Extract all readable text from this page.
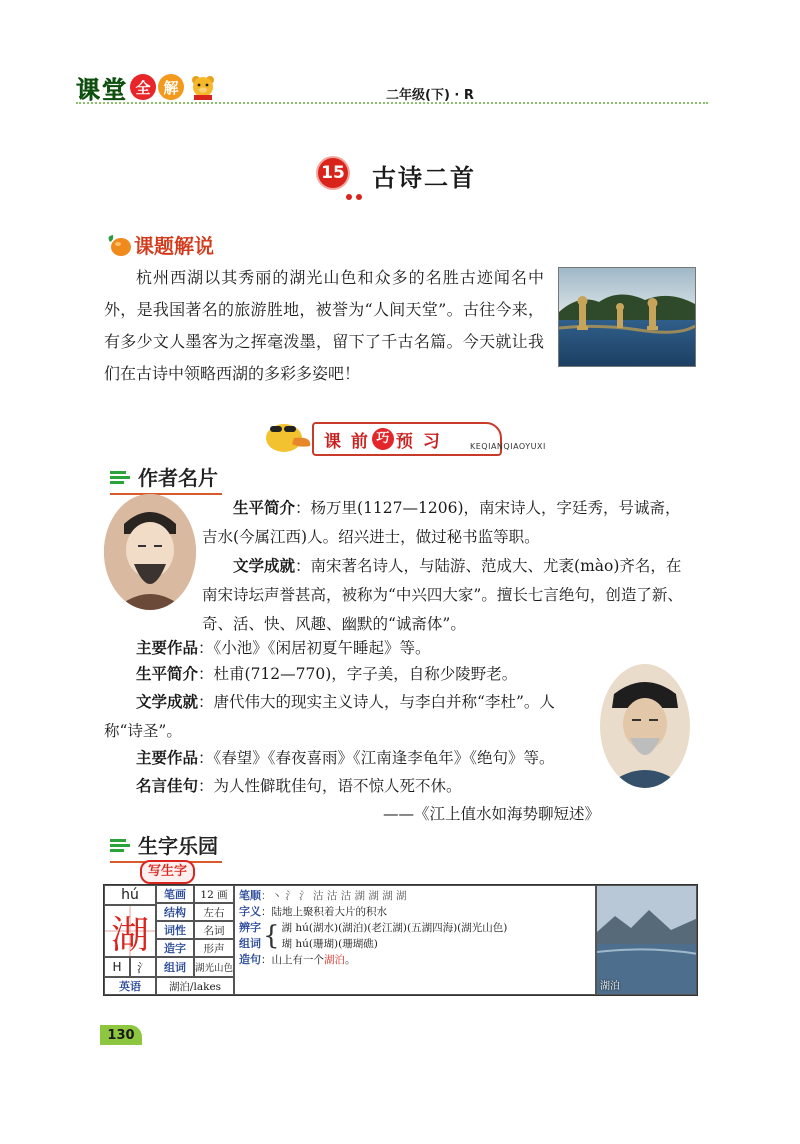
课 堂 全 解	二年级(下) · R
15 古诗二首
课题解说
杭州西湖以其秀丽的湖光山色和众多的名胜古迹闻名中外，是我国著名的旅游胜地，被誉为“人间天堂”。古往今来，有多少文人墨客为之挥毫泼墨，留下了千古名篇。今天就让我们在古诗中领略西湖的多彩多姿吧！
课 前 巧 预 习	KEQIANQIAOYUXI
作者名片
生平简介：杨万里(1127—1206)，南宋诗人，字廷秀，号诚斋，吉水(今属江西)人。绍兴进士，做过秘书监等职。
文学成就：南宋著名诗人，与陆游、范成大、尤袤(mào)齐名，在南宋诗坛声誉甚高，被称为“中兴四大家”。擅长七言绝句，创造了新、奇、活、快、风趣、幽默的“诚斋体”。
主要作品：《小池》《闲居初夏午睡起》等。
生平简介：杜甫(712—770)，字子美，自称少陵野老。
文学成就：唐代伟大的现实主义诗人，与李白并称“李杜”。人称“诗圣”。
主要作品：《春望》《春夜喜雨》《江南逢李龟年》《绝句》等。
名言佳句：为人性僻耽佳句，语不惊人死不休。
——《江上值水如海势聊短述》
生字乐园
写生字
hú
湖
H	氵
笔画	12 画
结构	左右
词性	名词
造字	形声
组词 湖光山色
英语	湖泊/lakes
笔顺：丶 氵 氵 沽 沽 沽 湖 湖 湖 湖
字义：陆地上聚积着大片的积水
辨字
组词 { 湖 hú(湖水)(湖泊)(老江湖)(五湖四海)(湖光山色)
瑚 hú(珊瑚)(珊瑚礁)
造句：山上有一个湖泊。
湖泊
130
